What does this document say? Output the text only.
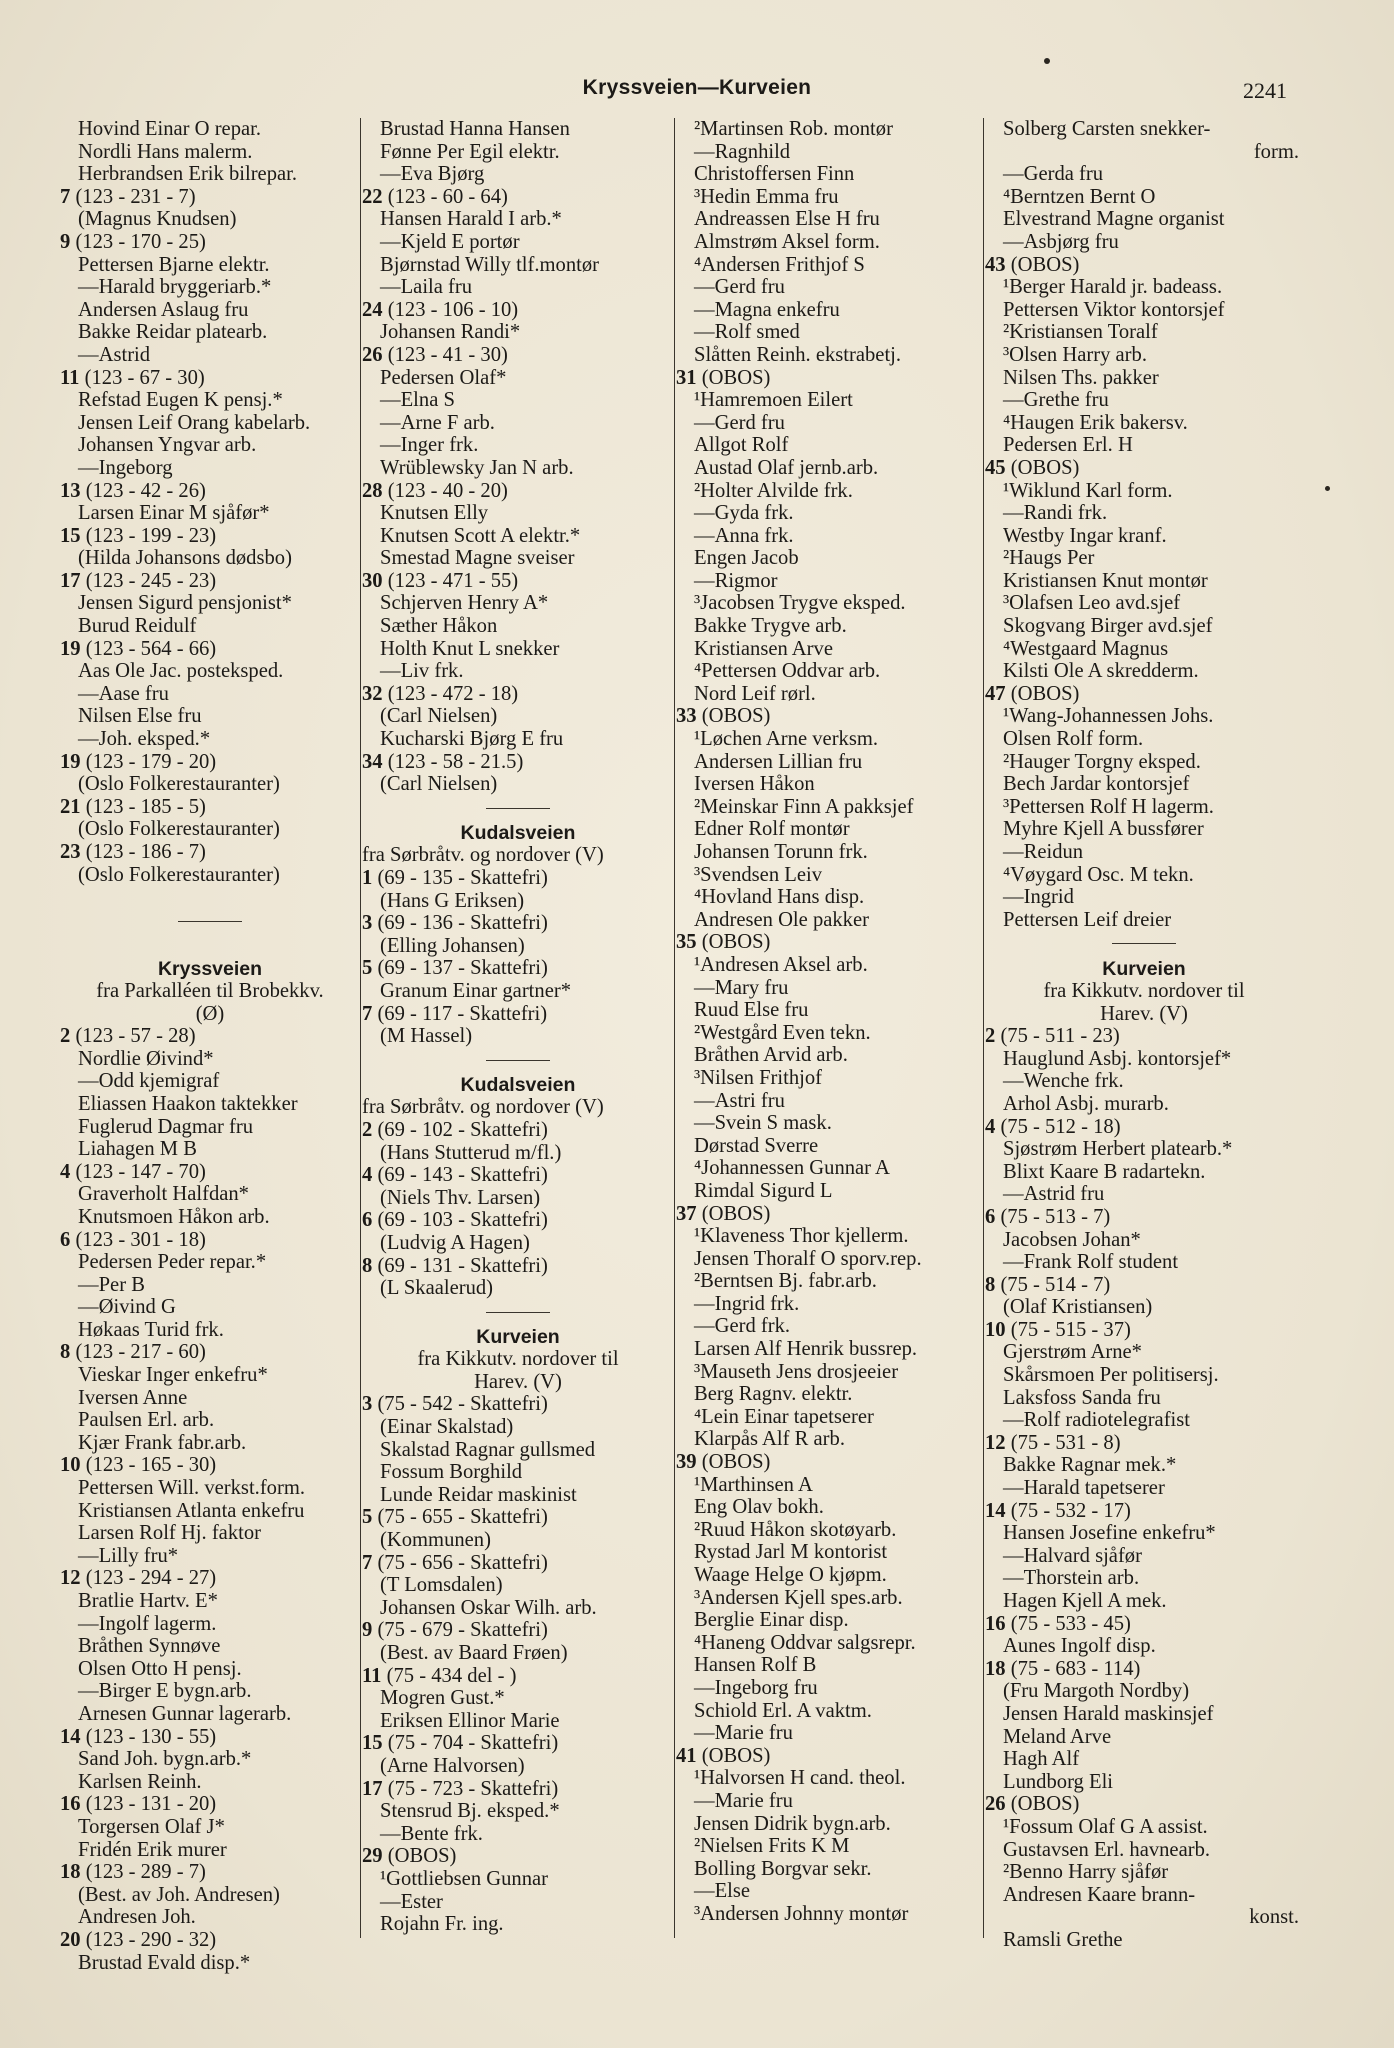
Kryssveien—Kurveien	2241
Hovind Einar O repar.
Nordli Hans malerm.
Herbrandsen Erik bilrepar.
7 (123 - 231 - 7)
(Magnus Knudsen)
9 (123 - 170 - 25)
Pettersen Bjarne elektr.
—Harald bryggeriarb.*
Andersen Aslaug fru
Bakke Reidar platearb.
—Astrid
11 (123 - 67 - 30)
Refstad Eugen K pensj.*
Jensen Leif Orang kabelarb.
Johansen Yngvar arb.
—Ingeborg
13 (123 - 42 - 26)
Larsen Einar M sjåfør*
15 (123 - 199 - 23)
(Hilda Johansons dødsbo)
17 (123 - 245 - 23)
Jensen Sigurd pensjonist*
Burud Reidulf
19 (123 - 564 - 66)
Aas Ole Jac. posteksped.
—Aase fru
Nilsen Else fru
—Joh. eksped.*
19 (123 - 179 - 20)
(Oslo Folkerestauranter)
21 (123 - 185 - 5)
(Oslo Folkerestauranter)
23 (123 - 186 - 7)
(Oslo Folkerestauranter)
Kryssveien
fra Parkalléen til Brobekkv.
(Ø)
2 (123 - 57 - 28)
Nordlie Øivind*
—Odd kjemigraf
Eliassen Haakon taktekker
Fuglerud Dagmar fru
Liahagen M B
4 (123 - 147 - 70)
Graverholt Halfdan*
Knutsmoen Håkon arb.
6 (123 - 301 - 18)
Pedersen Peder repar.*
—Per B
—Øivind G
Høkaas Turid frk.
8 (123 - 217 - 60)
Vieskar Inger enkefru*
Iversen Anne
Paulsen Erl. arb.
Kjær Frank fabr.arb.
10 (123 - 165 - 30)
Pettersen Will. verkst.form.
Kristiansen Atlanta enkefru
Larsen Rolf Hj. faktor
—Lilly fru*
12 (123 - 294 - 27)
Bratlie Hartv. E*
—Ingolf lagerm.
Bråthen Synnøve
Olsen Otto H pensj.
—Birger E bygn.arb.
Arnesen Gunnar lagerarb.
14 (123 - 130 - 55)
Sand Joh. bygn.arb.*
Karlsen Reinh.
16 (123 - 131 - 20)
Torgersen Olaf J*
Fridén Erik murer
18 (123 - 289 - 7)
(Best. av Joh. Andresen)
Andresen Joh.
20 (123 - 290 - 32)
Brustad Evald disp.*
Brustad Hanna Hansen
Fønne Per Egil elektr.
—Eva Bjørg
22 (123 - 60 - 64)
Hansen Harald I arb.*
—Kjeld E portør
Bjørnstad Willy tlf.montør
—Laila fru
24 (123 - 106 - 10)
Johansen Randi*
26 (123 - 41 - 30)
Pedersen Olaf*
—Elna S
—Arne F arb.
—Inger frk.
Wrüblewsky Jan N arb.
28 (123 - 40 - 20)
Knutsen Elly
Knutsen Scott A elektr.*
Smestad Magne sveiser
30 (123 - 471 - 55)
Schjerven Henry A*
Sæther Håkon
Holth Knut L snekker
—Liv frk.
32 (123 - 472 - 18)
(Carl Nielsen)
Kucharski Bjørg E fru
34 (123 - 58 - 21.5)
(Carl Nielsen)
Kudalsveien
fra Sørbråtv. og nordover (V)
1 (69 - 135 - Skattefri)
(Hans G Eriksen)
3 (69 - 136 - Skattefri)
(Elling Johansen)
5 (69 - 137 - Skattefri)
Granum Einar gartner*
7 (69 - 117 - Skattefri)
(M Hassel)
Kudalsveien
fra Sørbråtv. og nordover (V)
2 (69 - 102 - Skattefri)
(Hans Stutterud m/fl.)
4 (69 - 143 - Skattefri)
(Niels Thv. Larsen)
6 (69 - 103 - Skattefri)
(Ludvig A Hagen)
8 (69 - 131 - Skattefri)
(L Skaalerud)
Kurveien
fra Kikkutv. nordover til
Harev. (V)
3 (75 - 542 - Skattefri)
(Einar Skalstad)
Skalstad Ragnar gullsmed
Fossum Borghild
Lunde Reidar maskinist
5 (75 - 655 - Skattefri)
(Kommunen)
7 (75 - 656 - Skattefri)
(T Lomsdalen)
Johansen Oskar Wilh. arb.
9 (75 - 679 - Skattefri)
(Best. av Baard Frøen)
11 (75 - 434 del - )
Mogren Gust.*
Eriksen Ellinor Marie
15 (75 - 704 - Skattefri)
(Arne Halvorsen)
17 (75 - 723 - Skattefri)
Stensrud Bj. eksped.*
—Bente frk.
29 (OBOS)
¹Gottliebsen Gunnar
—Ester
Rojahn Fr. ing.
²Martinsen Rob. montør
—Ragnhild
Christoffersen Finn
³Hedin Emma fru
Andreassen Else H fru
Almstrøm Aksel form.
⁴Andersen Frithjof S
—Gerd fru
—Magna enkefru
—Rolf smed
Slåtten Reinh. ekstrabetj.
31 (OBOS)
¹Hamremoen Eilert
—Gerd fru
Allgot Rolf
Austad Olaf jernb.arb.
²Holter Alvilde frk.
—Gyda frk.
—Anna frk.
Engen Jacob
—Rigmor
³Jacobsen Trygve eksped.
Bakke Trygve arb.
Kristiansen Arve
⁴Pettersen Oddvar arb.
Nord Leif rørl.
33 (OBOS)
¹Løchen Arne verksm.
Andersen Lillian fru
Iversen Håkon
²Meinskar Finn A pakksjef
Edner Rolf montør
Johansen Torunn frk.
³Svendsen Leiv
⁴Hovland Hans disp.
Andresen Ole pakker
35 (OBOS)
¹Andresen Aksel arb.
—Mary fru
Ruud Else fru
²Westgård Even tekn.
Bråthen Arvid arb.
³Nilsen Frithjof
—Astri fru
—Svein S mask.
Dørstad Sverre
⁴Johannessen Gunnar A
Rimdal Sigurd L
37 (OBOS)
¹Klaveness Thor kjellerm.
Jensen Thoralf O sporv.rep.
²Berntsen Bj. fabr.arb.
—Ingrid frk.
—Gerd frk.
Larsen Alf Henrik bussrep.
³Mauseth Jens drosjeeier
Berg Ragnv. elektr.
⁴Lein Einar tapetserer
Klarpås Alf R arb.
39 (OBOS)
¹Marthinsen A
Eng Olav bokh.
²Ruud Håkon skotøyarb.
Rystad Jarl M kontorist
Waage Helge O kjøpm.
³Andersen Kjell spes.arb.
Berglie Einar disp.
⁴Haneng Oddvar salgsrepr.
Hansen Rolf B
—Ingeborg fru
Schiold Erl. A vaktm.
—Marie fru
41 (OBOS)
¹Halvorsen H cand. theol.
—Marie fru
Jensen Didrik bygn.arb.
²Nielsen Frits K M
Bolling Borgvar sekr.
—Else
³Andersen Johnny montør
Solberg Carsten snekker-
form.
—Gerda fru
⁴Berntzen Bernt O
Elvestrand Magne organist
—Asbjørg fru
43 (OBOS)
¹Berger Harald jr. badeass.
Pettersen Viktor kontorsjef
²Kristiansen Toralf
³Olsen Harry arb.
Nilsen Ths. pakker
—Grethe fru
⁴Haugen Erik bakersv.
Pedersen Erl. H
45 (OBOS)
¹Wiklund Karl form.
—Randi frk.
Westby Ingar kranf.
²Haugs Per
Kristiansen Knut montør
³Olafsen Leo avd.sjef
Skogvang Birger avd.sjef
⁴Westgaard Magnus
Kilsti Ole A skredderm.
47 (OBOS)
¹Wang-Johannessen Johs.
Olsen Rolf form.
²Hauger Torgny eksped.
Bech Jardar kontorsjef
³Pettersen Rolf H lagerm.
Myhre Kjell A bussfører
—Reidun
⁴Vøygard Osc. M tekn.
—Ingrid
Pettersen Leif dreier
Kurveien
fra Kikkutv. nordover til
Harev. (V)
2 (75 - 511 - 23)
Hauglund Asbj. kontorsjef*
—Wenche frk.
Arhol Asbj. murarb.
4 (75 - 512 - 18)
Sjøstrøm Herbert platearb.*
Blixt Kaare B radartekn.
—Astrid fru
6 (75 - 513 - 7)
Jacobsen Johan*
—Frank Rolf student
8 (75 - 514 - 7)
(Olaf Kristiansen)
10 (75 - 515 - 37)
Gjerstrøm Arne*
Skårsmoen Per politisersj.
Laksfoss Sanda fru
—Rolf radiotelegrafist
12 (75 - 531 - 8)
Bakke Ragnar mek.*
—Harald tapetserer
14 (75 - 532 - 17)
Hansen Josefine enkefru*
—Halvard sjåfør
—Thorstein arb.
Hagen Kjell A mek.
16 (75 - 533 - 45)
Aunes Ingolf disp.
18 (75 - 683 - 114)
(Fru Margoth Nordby)
Jensen Harald maskinsjef
Meland Arve
Hagh Alf
Lundborg Eli
26 (OBOS)
¹Fossum Olaf G A assist.
Gustavsen Erl. havnearb.
²Benno Harry sjåfør
Andresen Kaare brann-
konst.
Ramsli Grethe
